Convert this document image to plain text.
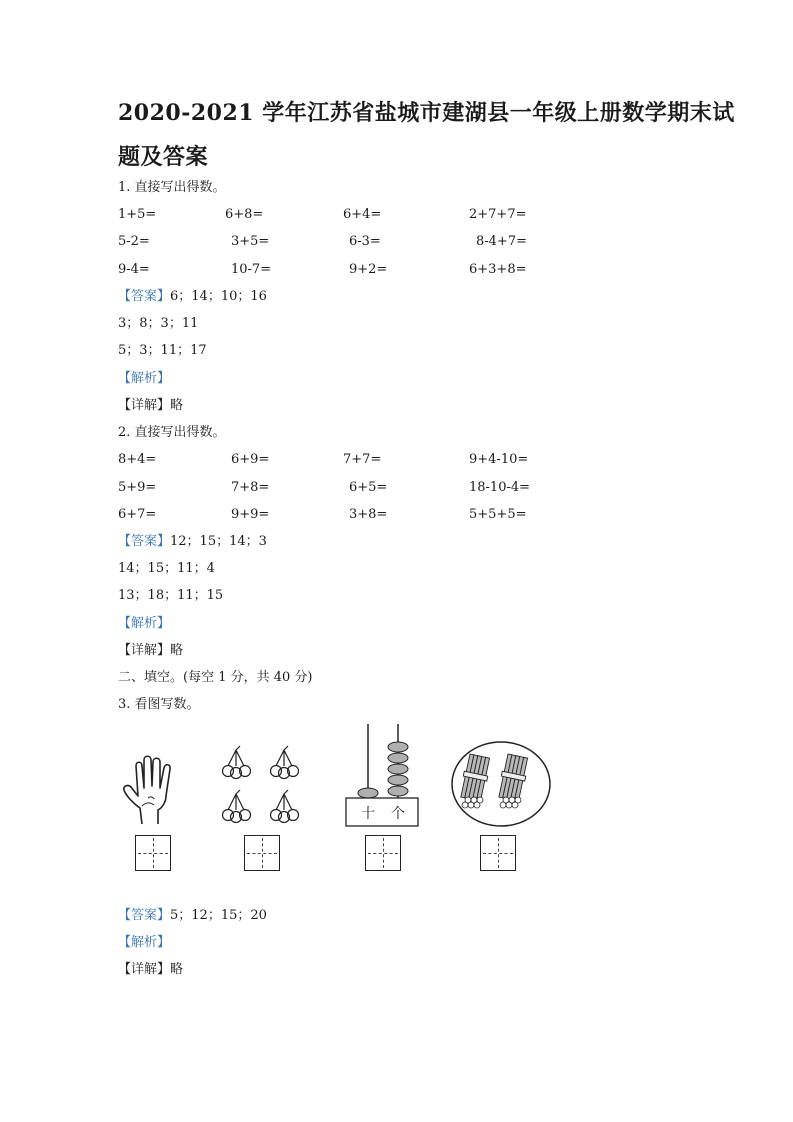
2020-2021 学年江苏省盐城市建湖县一年级上册数学期末试
题及答案
1. 直接写出得数。
1+5=	6+8=	6+4=	2+7+7=
5-2=	3+5=	6-3=	8-4+7=
9-4=	10-7=	9+2=	6+3+8=
【答案】6；14；10；16
3；8；3；11
5；3；11；17
【解析】
【详解】略
2. 直接写出得数。
8+4=	6+9=	7+7=	9+4-10=
5+9=	7+8=	6+5=	18-10-4=
6+7=	9+9=	3+8=	5+5+5=
【答案】12；15；14；3
14；15；11；4
13；18；11；15
【解析】
【详解】略
二、填空。(每空 1 分，共 40 分)
3. 看图写数。
十 个
【答案】5；12；15；20
【解析】
【详解】略
